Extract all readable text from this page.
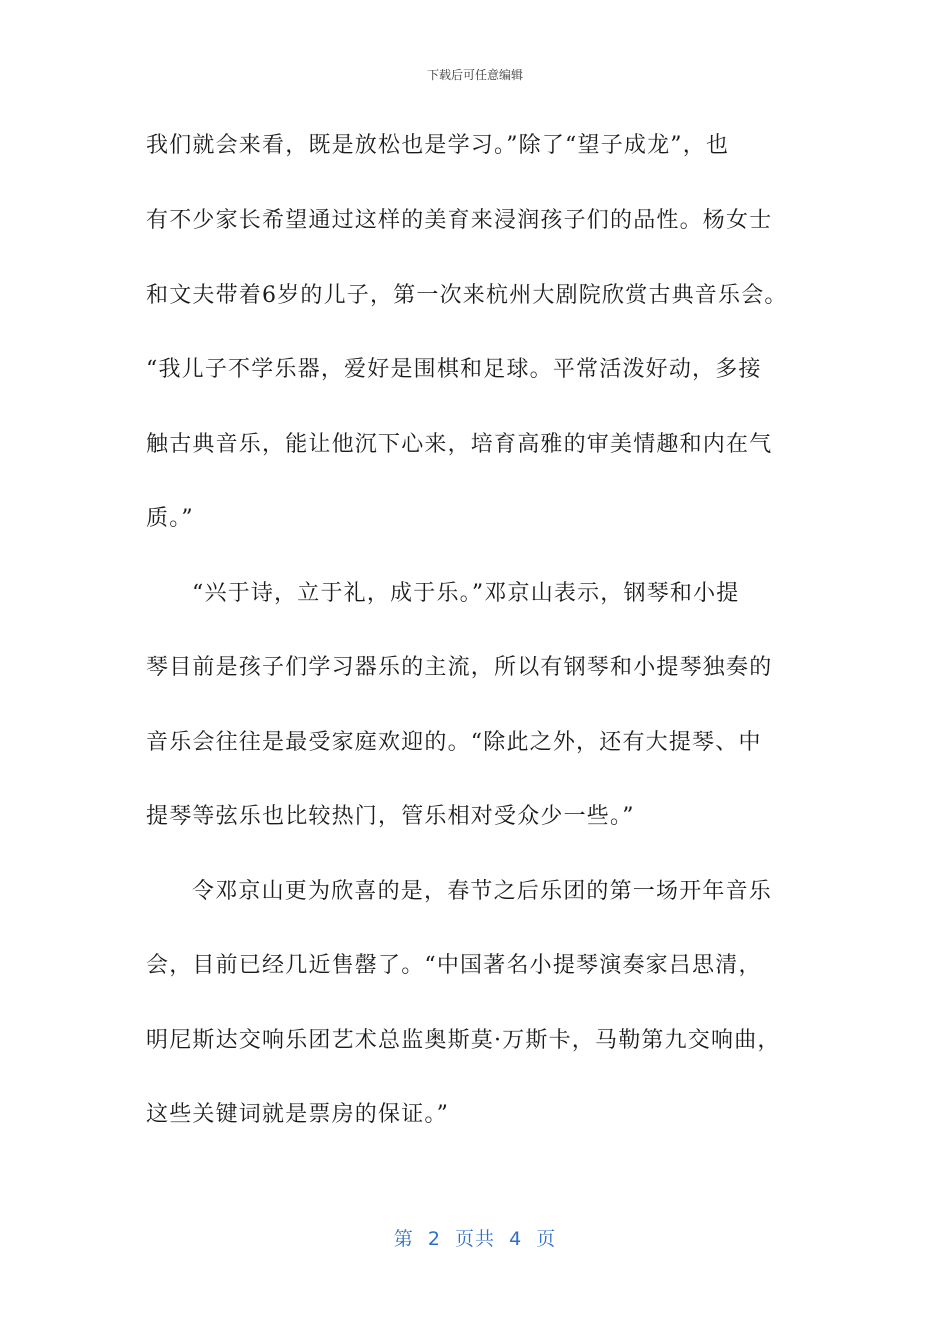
下载后可任意编辑
我们就会来看，既是放松也是学习。”除了“望子成龙”，也
有不少家长希望通过这样的美育来浸润孩子们的品性。杨女士
和文夫带着6岁的儿子，第一次来杭州大剧院欣赏古典音乐会。
“我儿子不学乐器，爱好是围棋和足球。平常活泼好动，多接
触古典音乐，能让他沉下心来，培育高雅的审美情趣和内在气
质。”
“兴于诗，立于礼，成于乐。”邓京山表示，钢琴和小提
琴目前是孩子们学习器乐的主流，所以有钢琴和小提琴独奏的
音乐会往往是最受家庭欢迎的。“除此之外，还有大提琴、中
提琴等弦乐也比较热门，管乐相对受众少一些。”
令邓京山更为欣喜的是，春节之后乐团的第一场开年音乐
会，目前已经几近售罄了。“中国著名小提琴演奏家吕思清，
明尼斯达交响乐团艺术总监奥斯莫·万斯卡，马勒第九交响曲，
这些关键词就是票房的保证。”
第  2  页共  4  页
